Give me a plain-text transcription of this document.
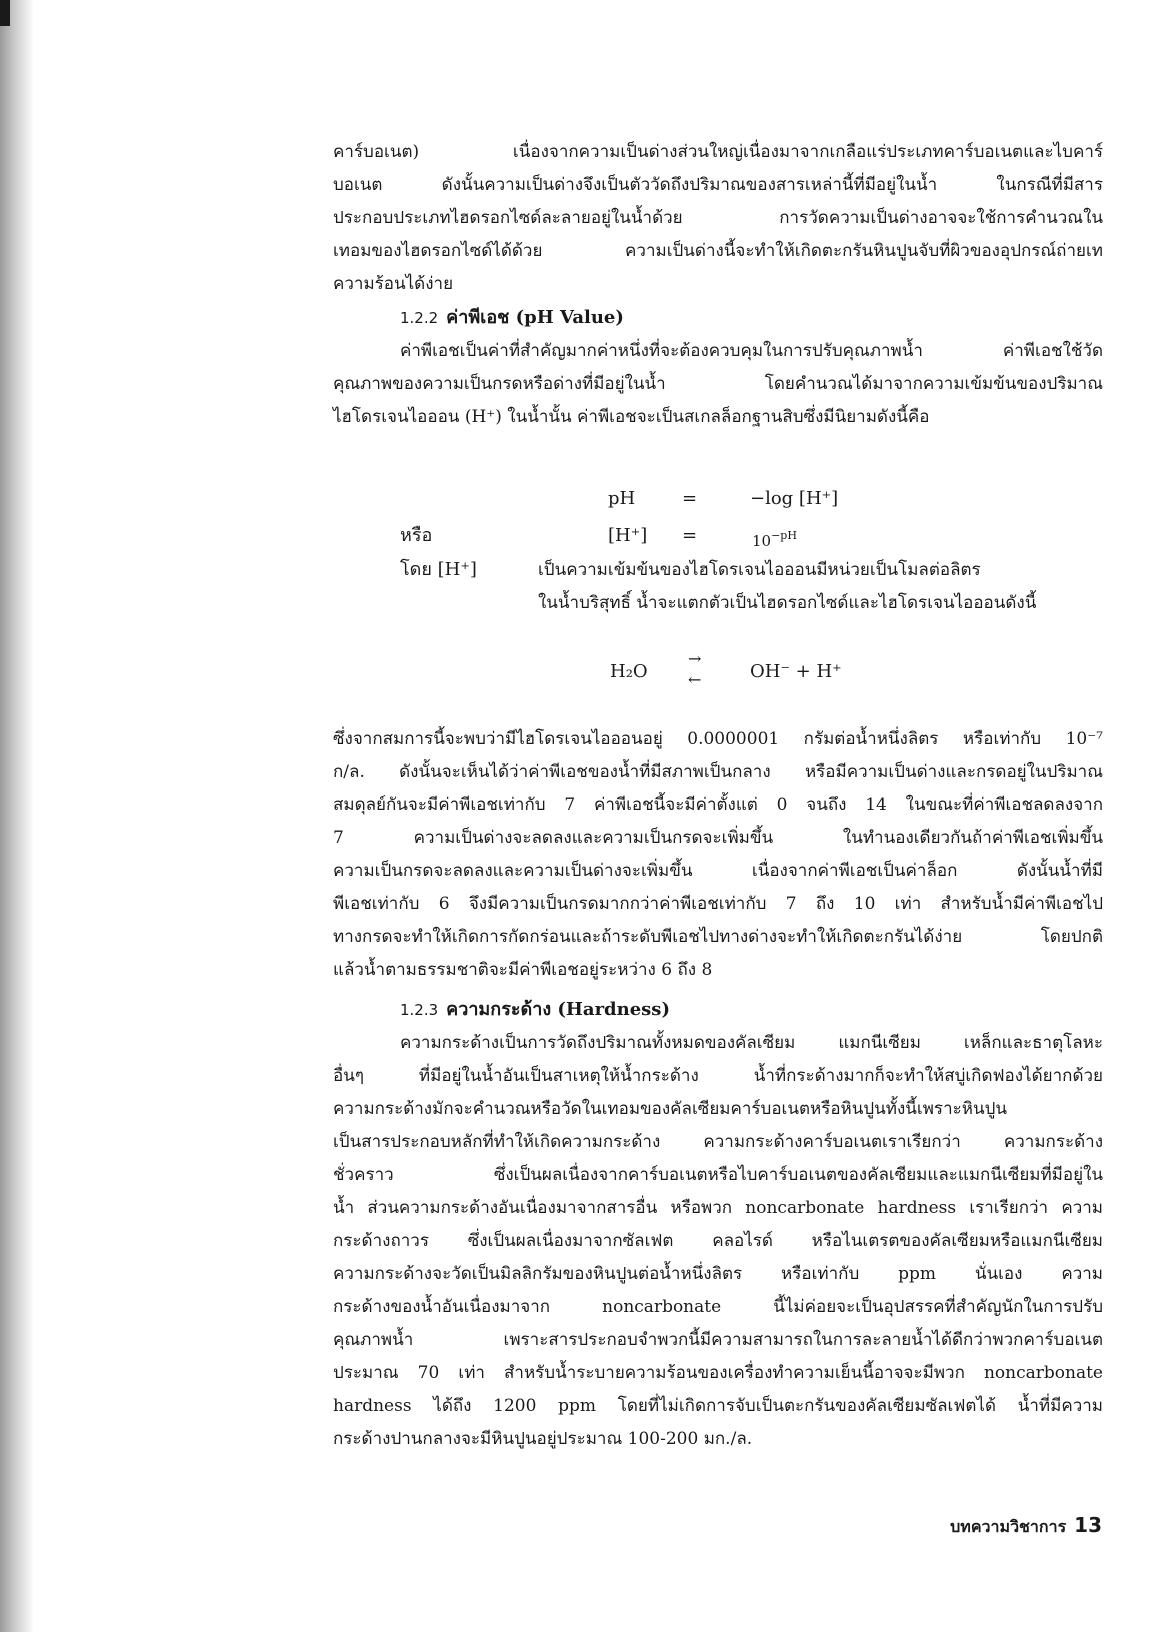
คาร์บอเนต) เนื่องจากความเป็นด่างส่วนใหญ่เนื่องมาจากเกลือแร่ประเภทคาร์บอเนตและไบคาร์
บอเนต ดังนั้นความเป็นด่างจึงเป็นตัววัดถึงปริมาณของสารเหล่านี้ที่มีอยู่ในน้ำ ในกรณีที่มีสาร
ประกอบประเภทไฮดรอกไซด์ละลายอยู่ในน้ำด้วย การวัดความเป็นด่างอาจจะใช้การคำนวณใน
เทอมของไฮดรอกไซด์ได้ด้วย ความเป็นด่างนี้จะทำให้เกิดตะกรันหินปูนจับที่ผิวของอุปกรณ์ถ่ายเท
ความร้อนได้ง่าย
1.2.2 ค่าพีเอช (pH Value)
ค่าพีเอชเป็นค่าที่สำคัญมากค่าหนึ่งที่จะต้องควบคุมในการปรับคุณภาพน้ำ ค่าพีเอชใช้วัด
คุณภาพของความเป็นกรดหรือด่างที่มีอยู่ในน้ำ โดยคำนวณได้มาจากความเข้มข้นของปริมาณ
ไฮโดรเจนไอออน (H⁺) ในน้ำนั้น ค่าพีเอชจะเป็นสเกลล็อกฐานสิบซึ่งมีนิยามดังนี้คือ
pH	=	−log [H⁺]
หรือ	[H⁺] =	$10^{-pH}$
โดย [H⁺]	เป็นความเข้มข้นของไฮโดรเจนไอออนมีหน่วยเป็นโมลต่อลิตร
ในน้ำบริสุทธิ์ น้ำจะแตกตัวเป็นไฮดรอกไซด์และไฮโดรเจนไอออนดังนี้
H₂O
→
←	OH⁻ + H⁺
ซึ่งจากสมการนี้จะพบว่ามีไฮโดรเจนไอออนอยู่ 0.0000001 กรัมต่อน้ำหนึ่งลิตร หรือเท่ากับ 10⁻⁷
ก/ล. ดังนั้นจะเห็นได้ว่าค่าพีเอชของน้ำที่มีสภาพเป็นกลาง หรือมีความเป็นด่างและกรดอยู่ในปริมาณ
สมดุลย์กันจะมีค่าพีเอชเท่ากับ 7 ค่าพีเอชนี้จะมีค่าตั้งแต่ 0 จนถึง 14 ในขณะที่ค่าพีเอชลดลงจาก
7 ความเป็นด่างจะลดลงและความเป็นกรดจะเพิ่มขึ้น ในทำนองเดียวกันถ้าค่าพีเอชเพิ่มขึ้น
ความเป็นกรดจะลดลงและความเป็นด่างจะเพิ่มขึ้น เนื่องจากค่าพีเอชเป็นค่าล็อก ดังนั้นน้ำที่มี
พีเอชเท่ากับ 6 จึงมีความเป็นกรดมากกว่าค่าพีเอชเท่ากับ 7 ถึง 10 เท่า สำหรับน้ำมีค่าพีเอชไป
ทางกรดจะทำให้เกิดการกัดกร่อนและถ้าระดับพีเอชไปทางด่างจะทำให้เกิดตะกรันได้ง่าย โดยปกติ
แล้วน้ำตามธรรมชาติจะมีค่าพีเอชอยู่ระหว่าง 6 ถึง 8
1.2.3 ความกระด้าง (Hardness)
ความกระด้างเป็นการวัดถึงปริมาณทั้งหมดของคัลเซียม แมกนีเซียม เหล็กและธาตุโลหะ
อื่นๆ ที่มีอยู่ในน้ำอันเป็นสาเหตุให้น้ำกระด้าง น้ำที่กระด้างมากก็จะทำให้สบู่เกิดฟองได้ยากด้วย
ความกระด้างมักจะคำนวณหรือวัดในเทอมของคัลเซียมคาร์บอเนตหรือหินปูนทั้งนี้เพราะหินปูน
เป็นสารประกอบหลักที่ทำให้เกิดความกระด้าง ความกระด้างคาร์บอเนตเราเรียกว่า ความกระด้าง
ชั่วคราว ซึ่งเป็นผลเนื่องจากคาร์บอเนตหรือไบคาร์บอเนตของคัลเซียมและแมกนีเซียมที่มีอยู่ใน
น้ำ ส่วนความกระด้างอันเนื่องมาจากสารอื่น หรือพวก noncarbonate hardness เราเรียกว่า ความ
กระด้างถาวร ซึ่งเป็นผลเนื่องมาจากซัลเฟต คลอไรด์ หรือไนเตรตของคัลเซียมหรือแมกนีเซียม
ความกระด้างจะวัดเป็นมิลลิกรัมของหินปูนต่อน้ำหนึ่งลิตร หรือเท่ากับ ppm นั่นเอง ความ
กระด้างของน้ำอันเนื่องมาจาก noncarbonate นี้ไม่ค่อยจะเป็นอุปสรรคที่สำคัญนักในการปรับ
คุณภาพน้ำ เพราะสารประกอบจำพวกนี้มีความสามารถในการละลายน้ำได้ดีกว่าพวกคาร์บอเนต
ประมาณ 70 เท่า สำหรับน้ำระบายความร้อนของเครื่องทำความเย็นนี้อาจจะมีพวก noncarbonate
hardness ได้ถึง 1200 ppm โดยที่ไม่เกิดการจับเป็นตะกรันของคัลเซียมซัลเฟตได้ น้ำที่มีความ
กระด้างปานกลางจะมีหินปูนอยู่ประมาณ 100-200 มก./ล.
บทความวิชาการ 13
